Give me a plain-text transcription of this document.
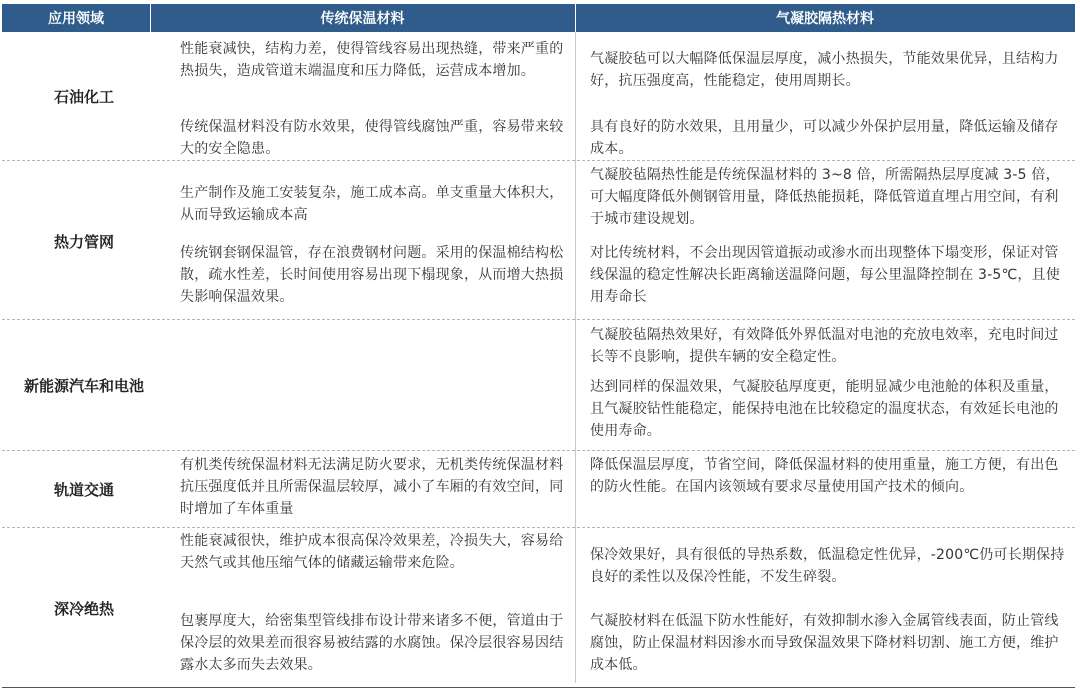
应用领域	传统保温材料	气凝胶隔热材料
石油化工
性能衰减快，结构力差，使得管线容易出现热缝，带来严重的热损失，造成管道末端温度和压力降低，运营成本增加。
传统保温材料没有防水效果，使得管线腐蚀严重，容易带来较大的安全隐患。
气凝胶毡可以大幅降低保温层厚度，减小热损失，节能效果优异，且结构力好，抗压强度高，性能稳定，使用周期长。
具有良好的防水效果，且用量少，可以减少外保护层用量，降低运输及储存成本。
热力管网
生产制作及施工安装复杂，施工成本高。单支重量大体积大，从而导致运输成本高
传统钢套钢保温管，存在浪费钢材问题。采用的保温棉结构松散，疏水性差，长时间使用容易出现下榻现象，从而增大热损失影响保温效果。
气凝胶毡隔热性能是传统保温材料的 3~8 倍，所需隔热层厚度减 3-5 倍，可大幅度降低外侧钢管用量，降低热能损耗，降低管道直埋占用空间，有利于城市建设规划。
对比传统材料，不会出现因管道振动或渗水而出现整体下塌变形，保证对管线保温的稳定性解决长距离输送温降问题，每公里温降控制在 3-5℃，且使用寿命长
新能源汽车和电池
气凝胶毡隔热效果好，有效降低外界低温对电池的充放电效率，充电时间过长等不良影响，提供车辆的安全稳定性。
达到同样的保温效果，气凝胶毡厚度更，能明显减少电池舱的体积及重量，且气凝胶钻性能稳定，能保持电池在比较稳定的温度状态，有效延长电池的使用寿命。
轨道交通
有机类传统保温材料无法满足防火要求，无机类传统保温材料抗压强度低并且所需保温层较厚，减小了车厢的有效空间，同时增加了车体重量
降低保温层厚度，节省空间，降低保温材料的使用重量，施工方便，有出色的防火性能。在国内该领域有要求尽量使用国产技术的倾向。
深冷绝热
性能衰减很快，维护成本很高保冷效果差，冷损失大，容易给天然气或其他压缩气体的储藏运输带来危险。
包裹厚度大，给密集型管线排布设计带来诸多不便，管道由于保冷层的效果差而很容易被结露的水腐蚀。保冷层很容易因结露水太多而失去效果。
保冷效果好，具有很低的导热系数，低温稳定性优异，-200℃仍可长期保持良好的柔性以及保冷性能，不发生碎裂。
气凝胶材料在低温下防水性能好，有效抑制水渗入金属管线表面，防止管线腐蚀，防止保温材料因渗水而导致保温效果下降材料切割、施工方便，维护成本低。
